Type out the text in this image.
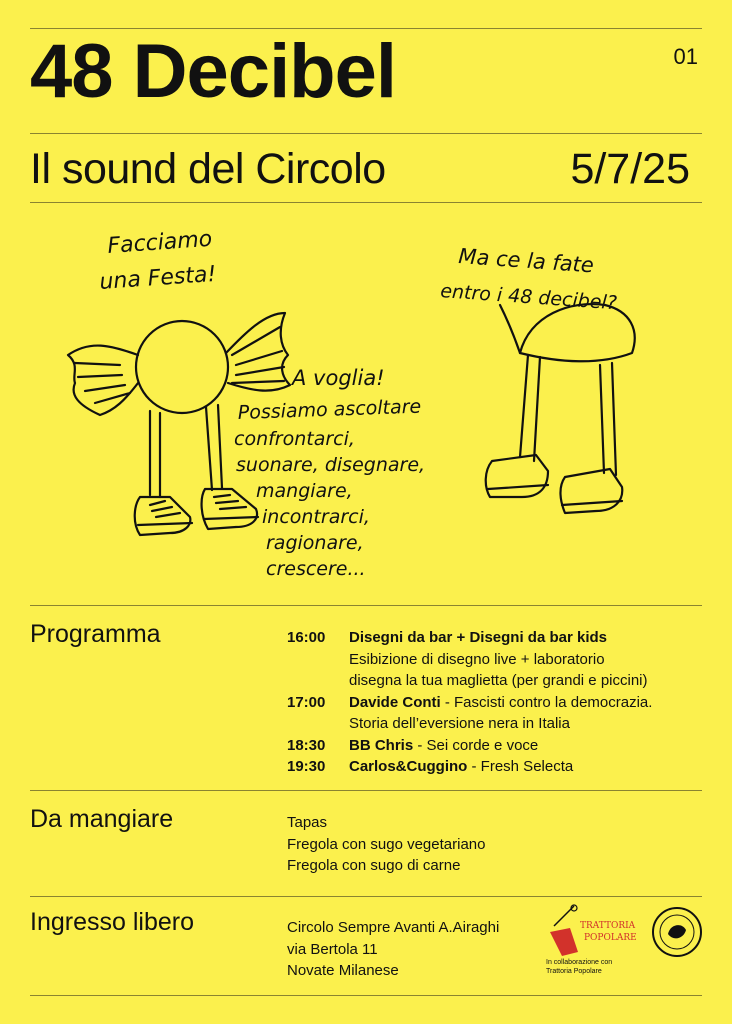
48 Decibel	01
Il sound del Circolo	5/7/25
Facciamo
una Festa!
Ma ce la fate
entro i 48 decibel?
A voglia!
Possiamo ascoltare
confrontarci,
suonare, disegnare,
mangiare,
incontrarci,
ragionare,
crescere...
Programma	16:00	Disegni da bar + Disegni da bar kids
Esibizione di disegno live + laboratorio
disegna la tua maglietta (per grandi e piccini)
17:00	Davide Conti - Fascisti contro la democrazia.
Storia dell’eversione nera in Italia
18:30	BB Chris - Sei corde e voce
19:30	Carlos&Cuggino - Fresh Selecta
Da mangiare	Tapas
Fregola con sugo vegetariano
Fregola con sugo di carne
Ingresso libero	Circolo Sempre Avanti A.Airaghi
via Bertola 11
Novate Milanese
TRATTORIA
POPOLARE
In collaborazione con
Trattoria Popolare
